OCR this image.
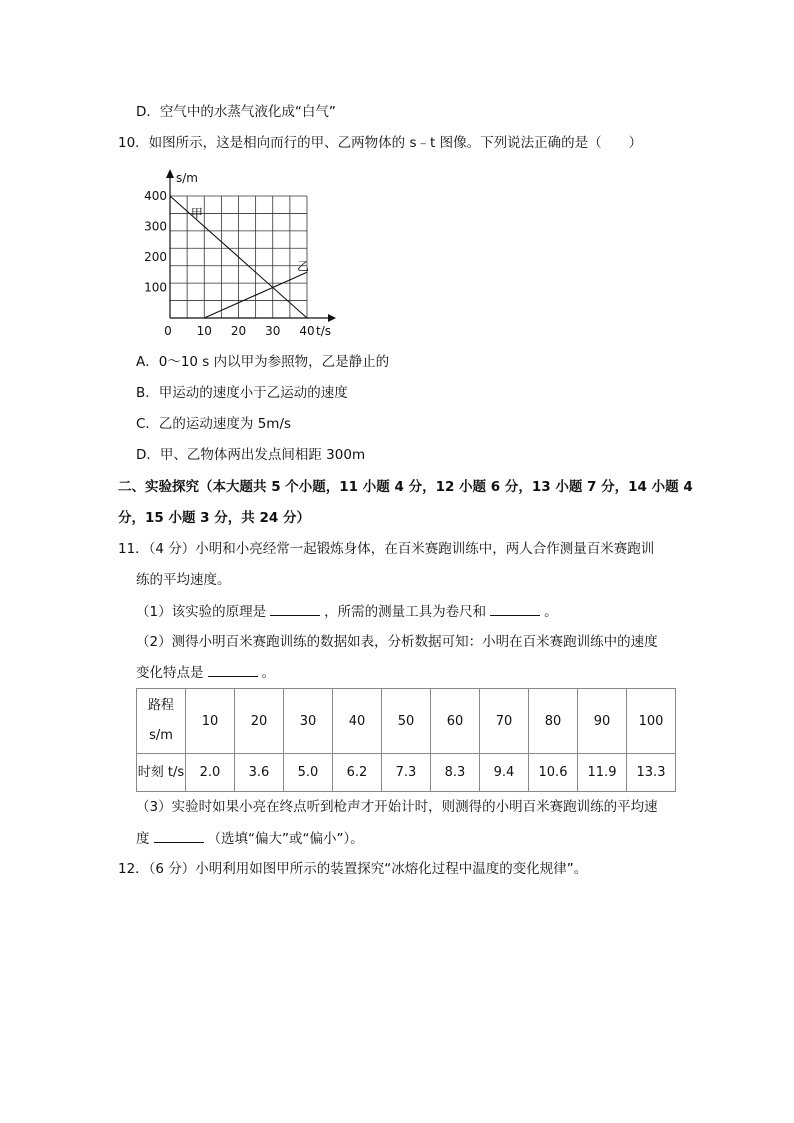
D．空气中的水蒸气液化成“白气”
10．如图所示，这是相向而行的甲、乙两物体的 s﹣t 图像。下列说法正确的是（　　）
0 10 20 30 40
100
200
300
400
s/m
t/s
甲
乙
A．0～10 s 内以甲为参照物，乙是静止的
B．甲运动的速度小于乙运动的速度
C．乙的运动速度为 5m/s
D．甲、乙物体两出发点间相距 300m
二、实验探究（本大题共 5 个小题，11 小题 4 分，12 小题 6 分，13 小题 7 分，14 小题 4
分，15 小题 3 分，共 24 分）
11．（4 分）小明和小亮经常一起锻炼身体，在百米赛跑训练中，两人合作测量百米赛跑训
练的平均速度。
（1）该实验的原理是	，所需的测量工具为卷尺和	。
（2）测得小明百米赛跑训练的数据如表，分析数据可知：小明在百米赛跑训练中的速度
变化特点是	。
路程
s/m	10	20	30	40	50	60	70	80	90	100
时刻 t/s	2.0	3.6	5.0	6.2	7.3	8.3	9.4	10.6	11.9	13.3
（3）实验时如果小亮在终点听到枪声才开始计时，则测得的小明百米赛跑训练的平均速
度	（选填“偏大”或“偏小”）。
12．（6 分）小明利用如图甲所示的装置探究“冰熔化过程中温度的变化规律”。
